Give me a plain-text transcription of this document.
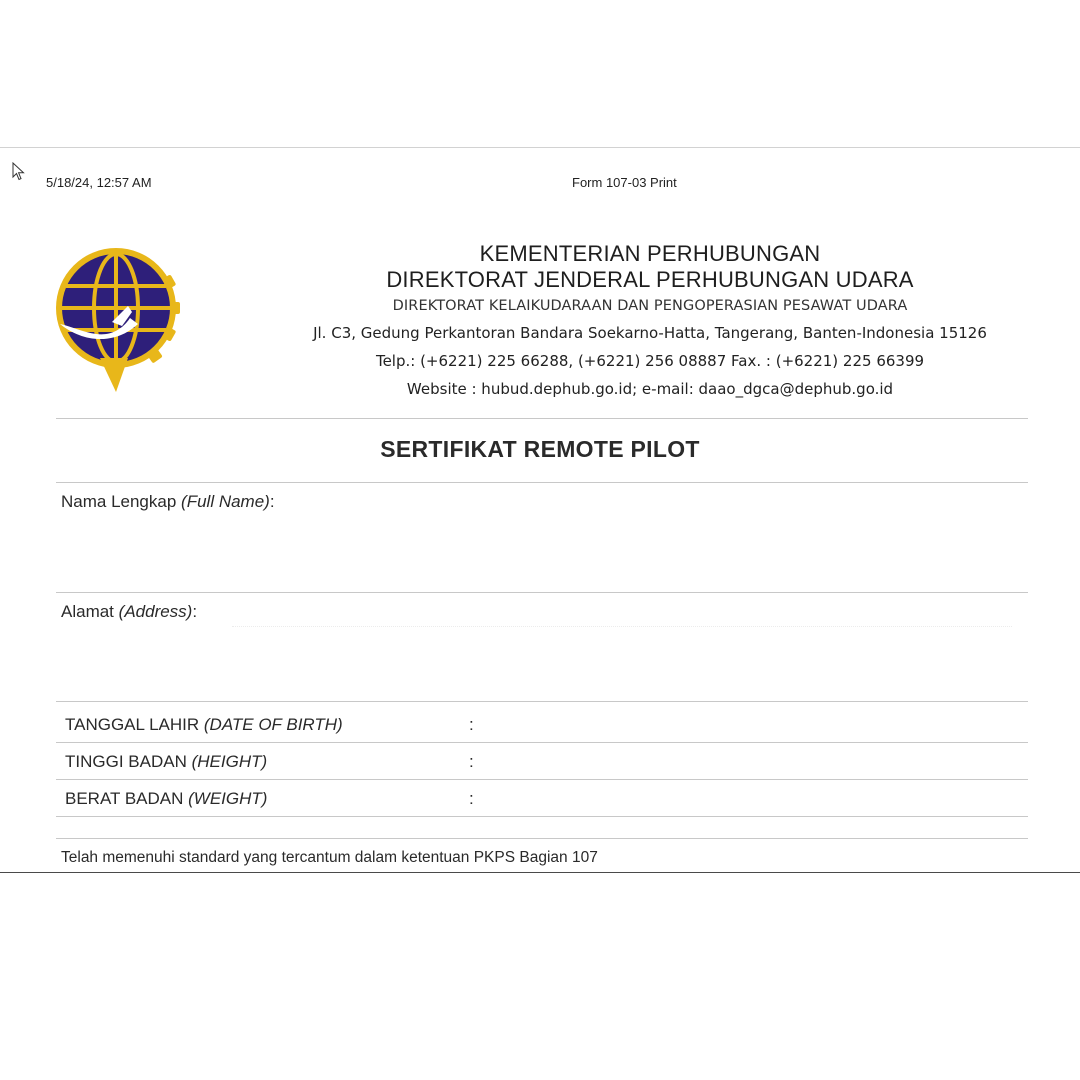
5/18/24, 12:57 AM	Form 107-03 Print
KEMENTERIAN PERHUBUNGAN
DIREKTORAT JENDERAL PERHUBUNGAN UDARA
DIREKTORAT KELAIKUDARAAN DAN PENGOPERASIAN PESAWAT UDARA
Jl. C3, Gedung Perkantoran Bandara Soekarno-Hatta, Tangerang, Banten-Indonesia 15126
Telp.: (+6221) 225 66288, (+6221) 256 08887 Fax. : (+6221) 225 66399
Website : hubud.dephub.go.id; e-mail: daao_dgca@dephub.go.id
SERTIFIKAT REMOTE PILOT
Nama Lengkap (Full Name):
Alamat (Address):
TANGGAL LAHIR (DATE OF BIRTH)	:
TINGGI BADAN (HEIGHT)	:
BERAT BADAN (WEIGHT)	:
Telah memenuhi standard yang tercantum dalam ketentuan PKPS Bagian 107
